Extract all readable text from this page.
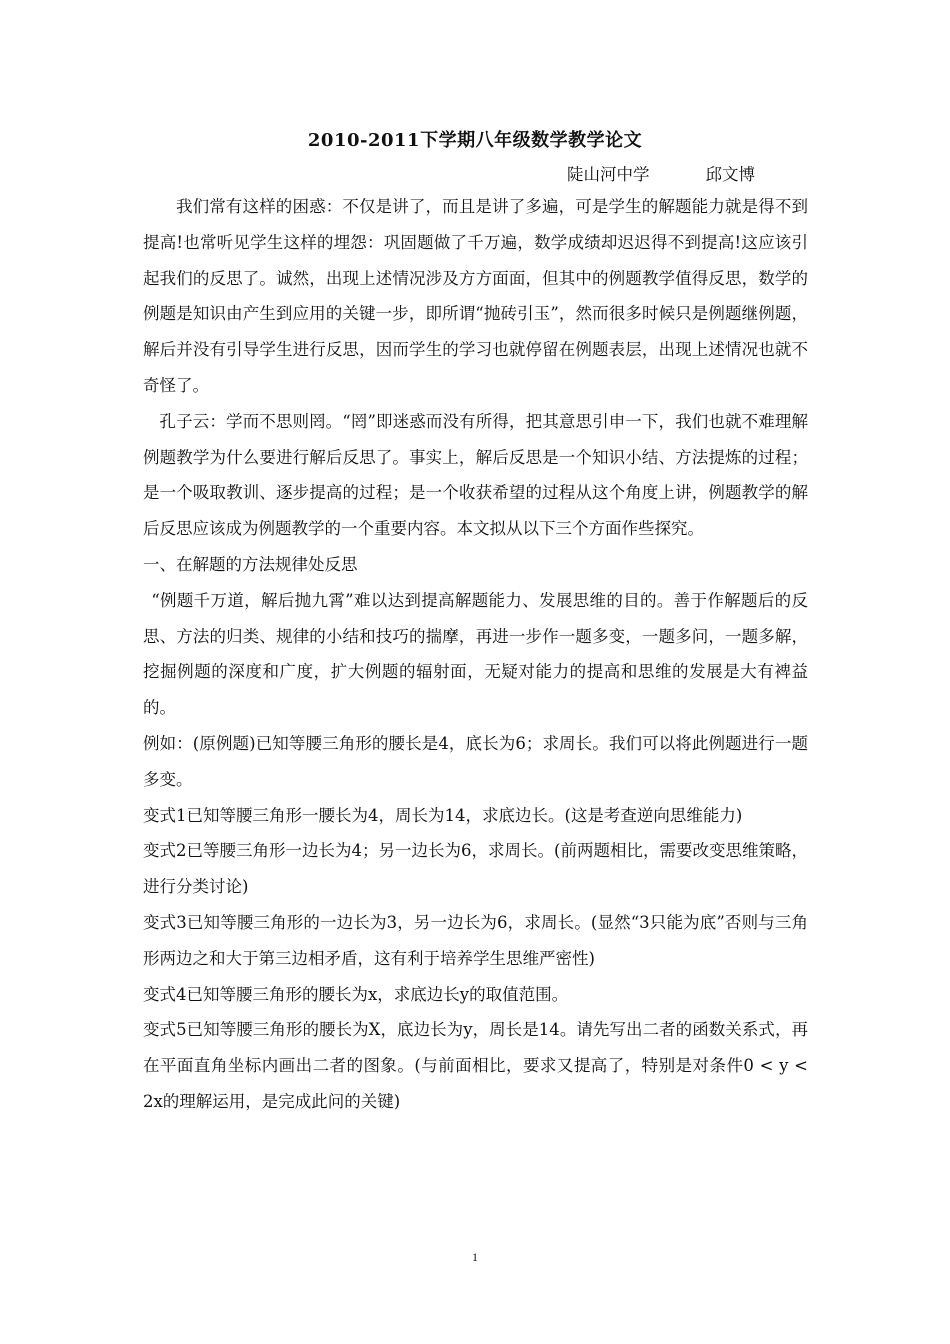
2010-2011下学期八年级数学教学论文
陡山河中学	邱文博

我们常有这样的困惑：不仅是讲了，而且是讲了多遍，可是学生的解题能力就是得不到提高!也常听见学生这样的埋怨：巩固题做了千万遍，数学成绩却迟迟得不到提高!这应该引起我们的反思了。诚然，出现上述情况涉及方方面面，但其中的例题教学值得反思，数学的例题是知识由产生到应用的关键一步，即所谓“抛砖引玉”，然而很多时候只是例题继例题，解后并没有引导学生进行反思，因而学生的学习也就停留在例题表层，出现上述情况也就不奇怪了。

孔子云：学而不思则罔。“罔”即迷惑而没有所得，把其意思引申一下，我们也就不难理解例题教学为什么要进行解后反思了。事实上，解后反思是一个知识小结、方法提炼的过程；是一个吸取教训、逐步提高的过程；是一个收获希望的过程从这个角度上讲，例题教学的解后反思应该成为例题教学的一个重要内容。本文拟从以下三个方面作些探究。

一、在解题的方法规律处反思

“例题千万道，解后抛九霄”难以达到提高解题能力、发展思维的目的。善于作解题后的反思、方法的归类、规律的小结和技巧的揣摩，再进一步作一题多变，一题多问，一题多解，挖掘例题的深度和广度，扩大例题的辐射面，无疑对能力的提高和思维的发展是大有裨益的。

例如：(原例题)已知等腰三角形的腰长是4，底长为6；求周长。我们可以将此例题进行一题多变。

变式1已知等腰三角形一腰长为4，周长为14，求底边长。(这是考查逆向思维能力)

变式2已等腰三角形一边长为4；另一边长为6，求周长。(前两题相比，需要改变思维策略，进行分类讨论)

变式3已知等腰三角形的一边长为3，另一边长为6，求周长。(显然“3只能为底”否则与三角形两边之和大于第三边相矛盾，这有利于培养学生思维严密性)

变式4已知等腰三角形的腰长为x，求底边长y的取值范围。

变式5已知等腰三角形的腰长为X，底边长为y，周长是14。请先写出二者的函数关系式，再在平面直角坐标内画出二者的图象。(与前面相比，要求又提高了，特别是对条件0 < y < 2x的理解运用，是完成此问的关键)

1
